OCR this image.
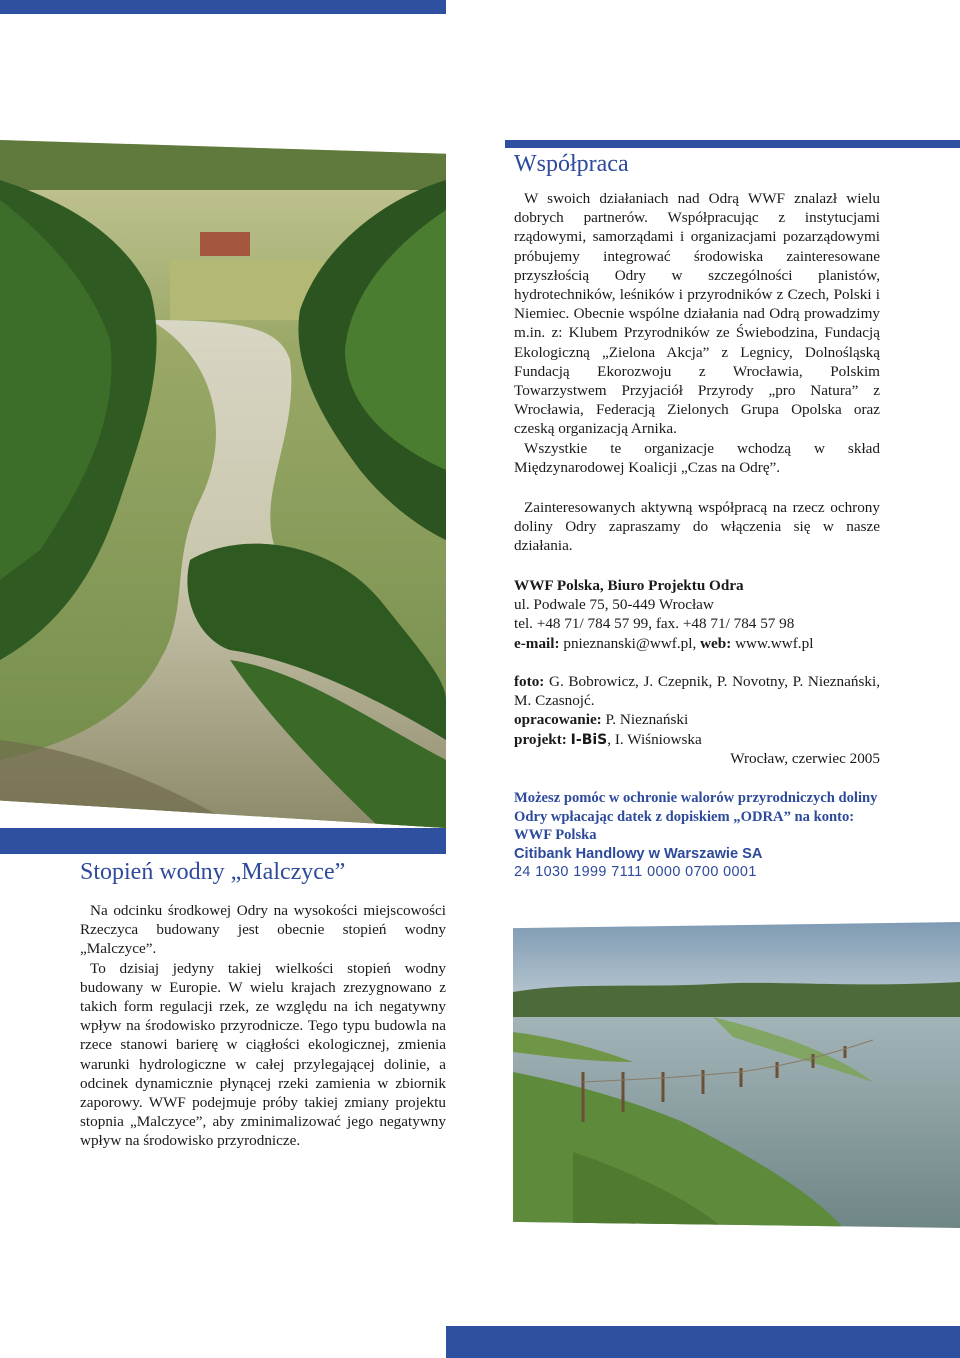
Współpraca

W swoich działaniach nad Odrą WWF znalazł wielu dobrych partnerów. Współpracując z instytucjami rządowymi, samorządami i organizacjami pozarządowymi próbujemy integrować środowiska zainteresowane przyszłością Odry w szczególności planistów, hydrotechników, leśników i przyrodników z Czech, Polski i Niemiec. Obecnie wspólne działania nad Odrą prowadzimy m.in. z: Klubem Przyrodników ze Świebodzina, Fundacją Ekologiczną „Zielona Akcja” z Legnicy, Dolnośląską Fundacją Ekorozwoju z Wrocławia, Polskim Towarzystwem Przyjaciół Przyrody „pro Natura” z Wrocławia, Federacją Zielonych Grupa Opolska oraz czeską organizacją Arnika.

Wszystkie te organizacje wchodzą w skład Międzynarodowej Koalicji „Czas na Odrę”.

Zainteresowanych aktywną współpracą na rzecz ochrony doliny Odry zapraszamy do włączenia się w nasze działania.

WWF Polska, Biuro Projektu Odra
ul. Podwale 75, 50-449 Wrocław
tel. +48 71/ 784 57 99, fax. +48 71/ 784 57 98
e-mail: pnieznanski@wwf.pl, web: www.wwf.pl
foto: G. Bobrowicz, J. Czepnik, P. Novotny, P. Nieznański, M. Czasnojć.
opracowanie: P. Nieznański
projekt: I-BiS, I. Wiśniowska
Wrocław, czerwiec 2005
Możesz pomóc w ochronie walorów przyrodniczych doliny Odry wpłacając datek z dopiskiem „ODRA” na konto:
WWF Polska
Citibank Handlowy w Warszawie SA
24 1030 1999 7111 0000 0700 0001
Stopień wodny „Malczyce”

Na odcinku środkowej Odry na wysokości miejscowości Rzeczyca budowany jest obecnie stopień wodny „Malczyce”.

To dzisiaj jedyny takiej wielkości stopień wodny budowany w Europie. W wielu krajach zrezygnowano z takich form regulacji rzek, ze względu na ich negatywny wpływ na środowisko przyrodnicze. Tego typu budowla na rzece stanowi barierę w ciągłości ekologicznej, zmienia warunki hydrologiczne w całej przylegającej dolinie, a odcinek dynamicznie płynącej rzeki zamienia w zbiornik zaporowy. WWF podejmuje próby takiej zmiany projektu stopnia „Malczyce”, aby zminimalizować jego negatywny wpływ na środowisko przyrodnicze.
